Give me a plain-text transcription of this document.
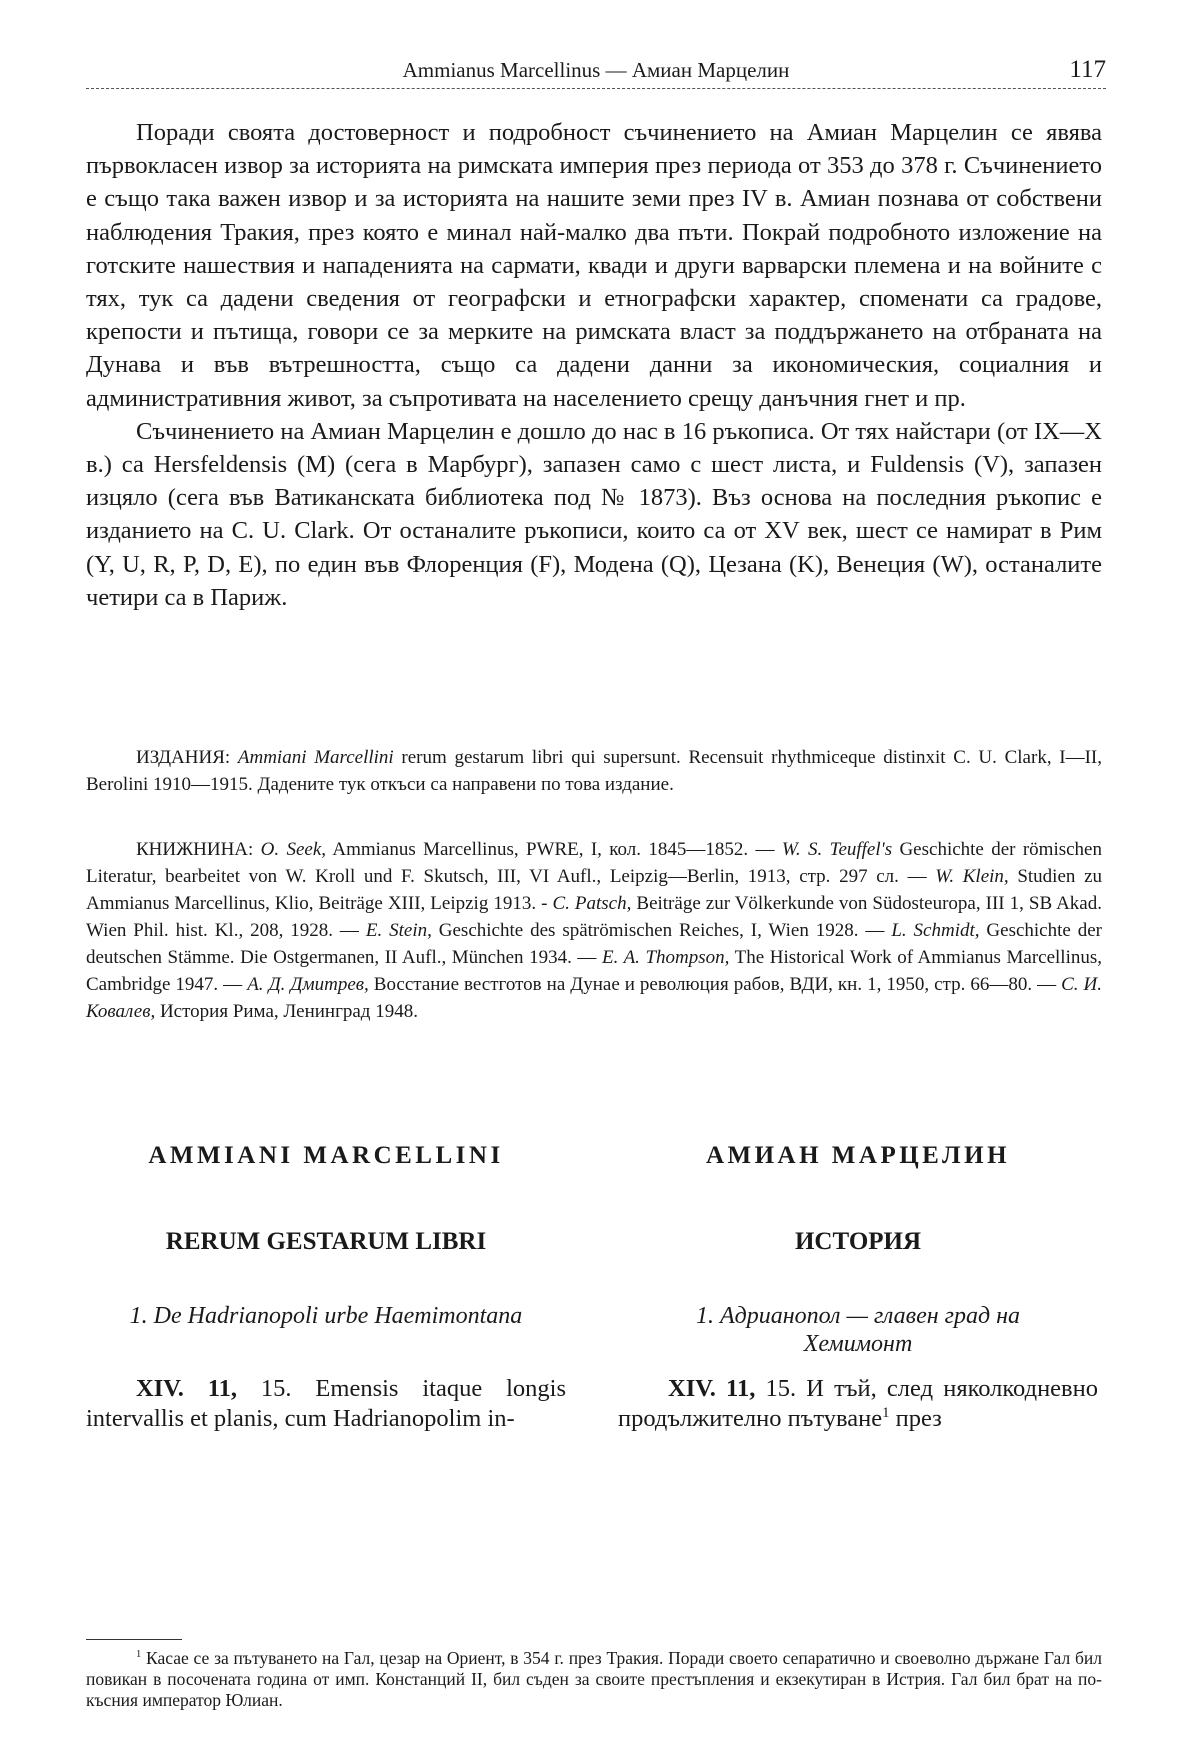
Ammianus Marcellinus — Амиан Марцелин	117

Поради своята достоверност и подробност съчинението на Амиан Марцелин се явява първокласен извор за историята на римската империя през периода от 353 до 378 г. Съчинението е също така важен извор и за историята на нашите земи през IV в. Амиан познава от собствени наблюдения Тракия, през която е минал най-малко два пъти. Покрай подробното изложение на готските нашествия и нападенията на сармати, квади и други варварски племена и на войните с тях, тук са дадени сведения от географски и етнографски характер, споменати са градове, крепости и пътища, говори се за мерките на римската власт за поддържането на отбраната на Дунава и във вътрешността, също са дадени данни за икономическия, социалния и административния живот, за съпротивата на населението срещу данъчния гнет и пр.

Съчинението на Амиан Марцелин е дошло до нас в 16 ръкописа. От тях найстари (от IX—X в.) са Hersfeldensis (M) (сега в Марбург), запазен само с шест листа, и Fuldensis (V), запазен изцяло (сега във Ватиканската библиотека под № 1873). Въз основа на последния ръкопис е изданието на C. U. Clark. От останалите ръкописи, които са от XV век, шест се намират в Рим (Y, U, R, P, D, E), по един във Флоренция (F), Модена (Q), Цезана (K), Венеция (W), останалите четири са в Париж.

ИЗДАНИЯ: Ammiani Marcellini rerum gestarum libri qui supersunt. Recensuit rhythmiceque distinxit C. U. Clark, I—II, Berolini 1910—1915. Дадените тук откъси са направени по това издание.

КНИЖНИНА: O. Seek, Ammianus Marcellinus, PWRE, I, кол. 1845—1852. — W. S. Teuffel's Geschichte der römischen Literatur, bearbeitet von W. Kroll und F. Skutsch, III, VI Aufl., Leipzig—Berlin, 1913, стр. 297 сл. — W. Klein, Studien zu Ammianus Marcellinus, Klio, Beiträge XIII, Leipzig 1913. - C. Patsch, Beiträge zur Völkerkunde von Südosteuropa, III 1, SB Akad. Wien Phil. hist. Kl., 208, 1928. — E. Stein, Geschichte des spätrömischen Reiches, I, Wien 1928. — L. Schmidt, Geschichte der deutschen Stämme. Die Ostgermanen, II Aufl., München 1934. — E. A. Thompson, The Historical Work of Ammianus Marcellinus, Cambridge 1947. — А. Д. Дмитрев, Восстание вестготов на Дунае и революция рабов, ВДИ, кн. 1, 1950, стр. 66—80. — С. И. Ковалев, История Рима, Ленинград 1948.

AMMIANI MARCELLINI
RERUM GESTARUM LIBRI

1. De Hadrianopoli urbe Haemimontana

XIV. 11, 15. Emensis itaque longis intervallis et planis, cum Hadrianopolim in-

АМИАН МАРЦЕЛИН
ИСТОРИЯ

1. Адрианопол — главен град на Хемимонт

XIV. 11, 15. И тъй, след няколкодневно продължително пътуване$^1$ през

$^1$ Касае се за пътуването на Гал, цезар на Ориент, в 354 г. през Тракия. Поради своето сепаратично и своеволно държане Гал бил повикан в посочената година от имп. Констанций II, бил съден за своите престъпления и екзекутиран в Истрия. Гал бил брат на по-късния император Юлиан.
